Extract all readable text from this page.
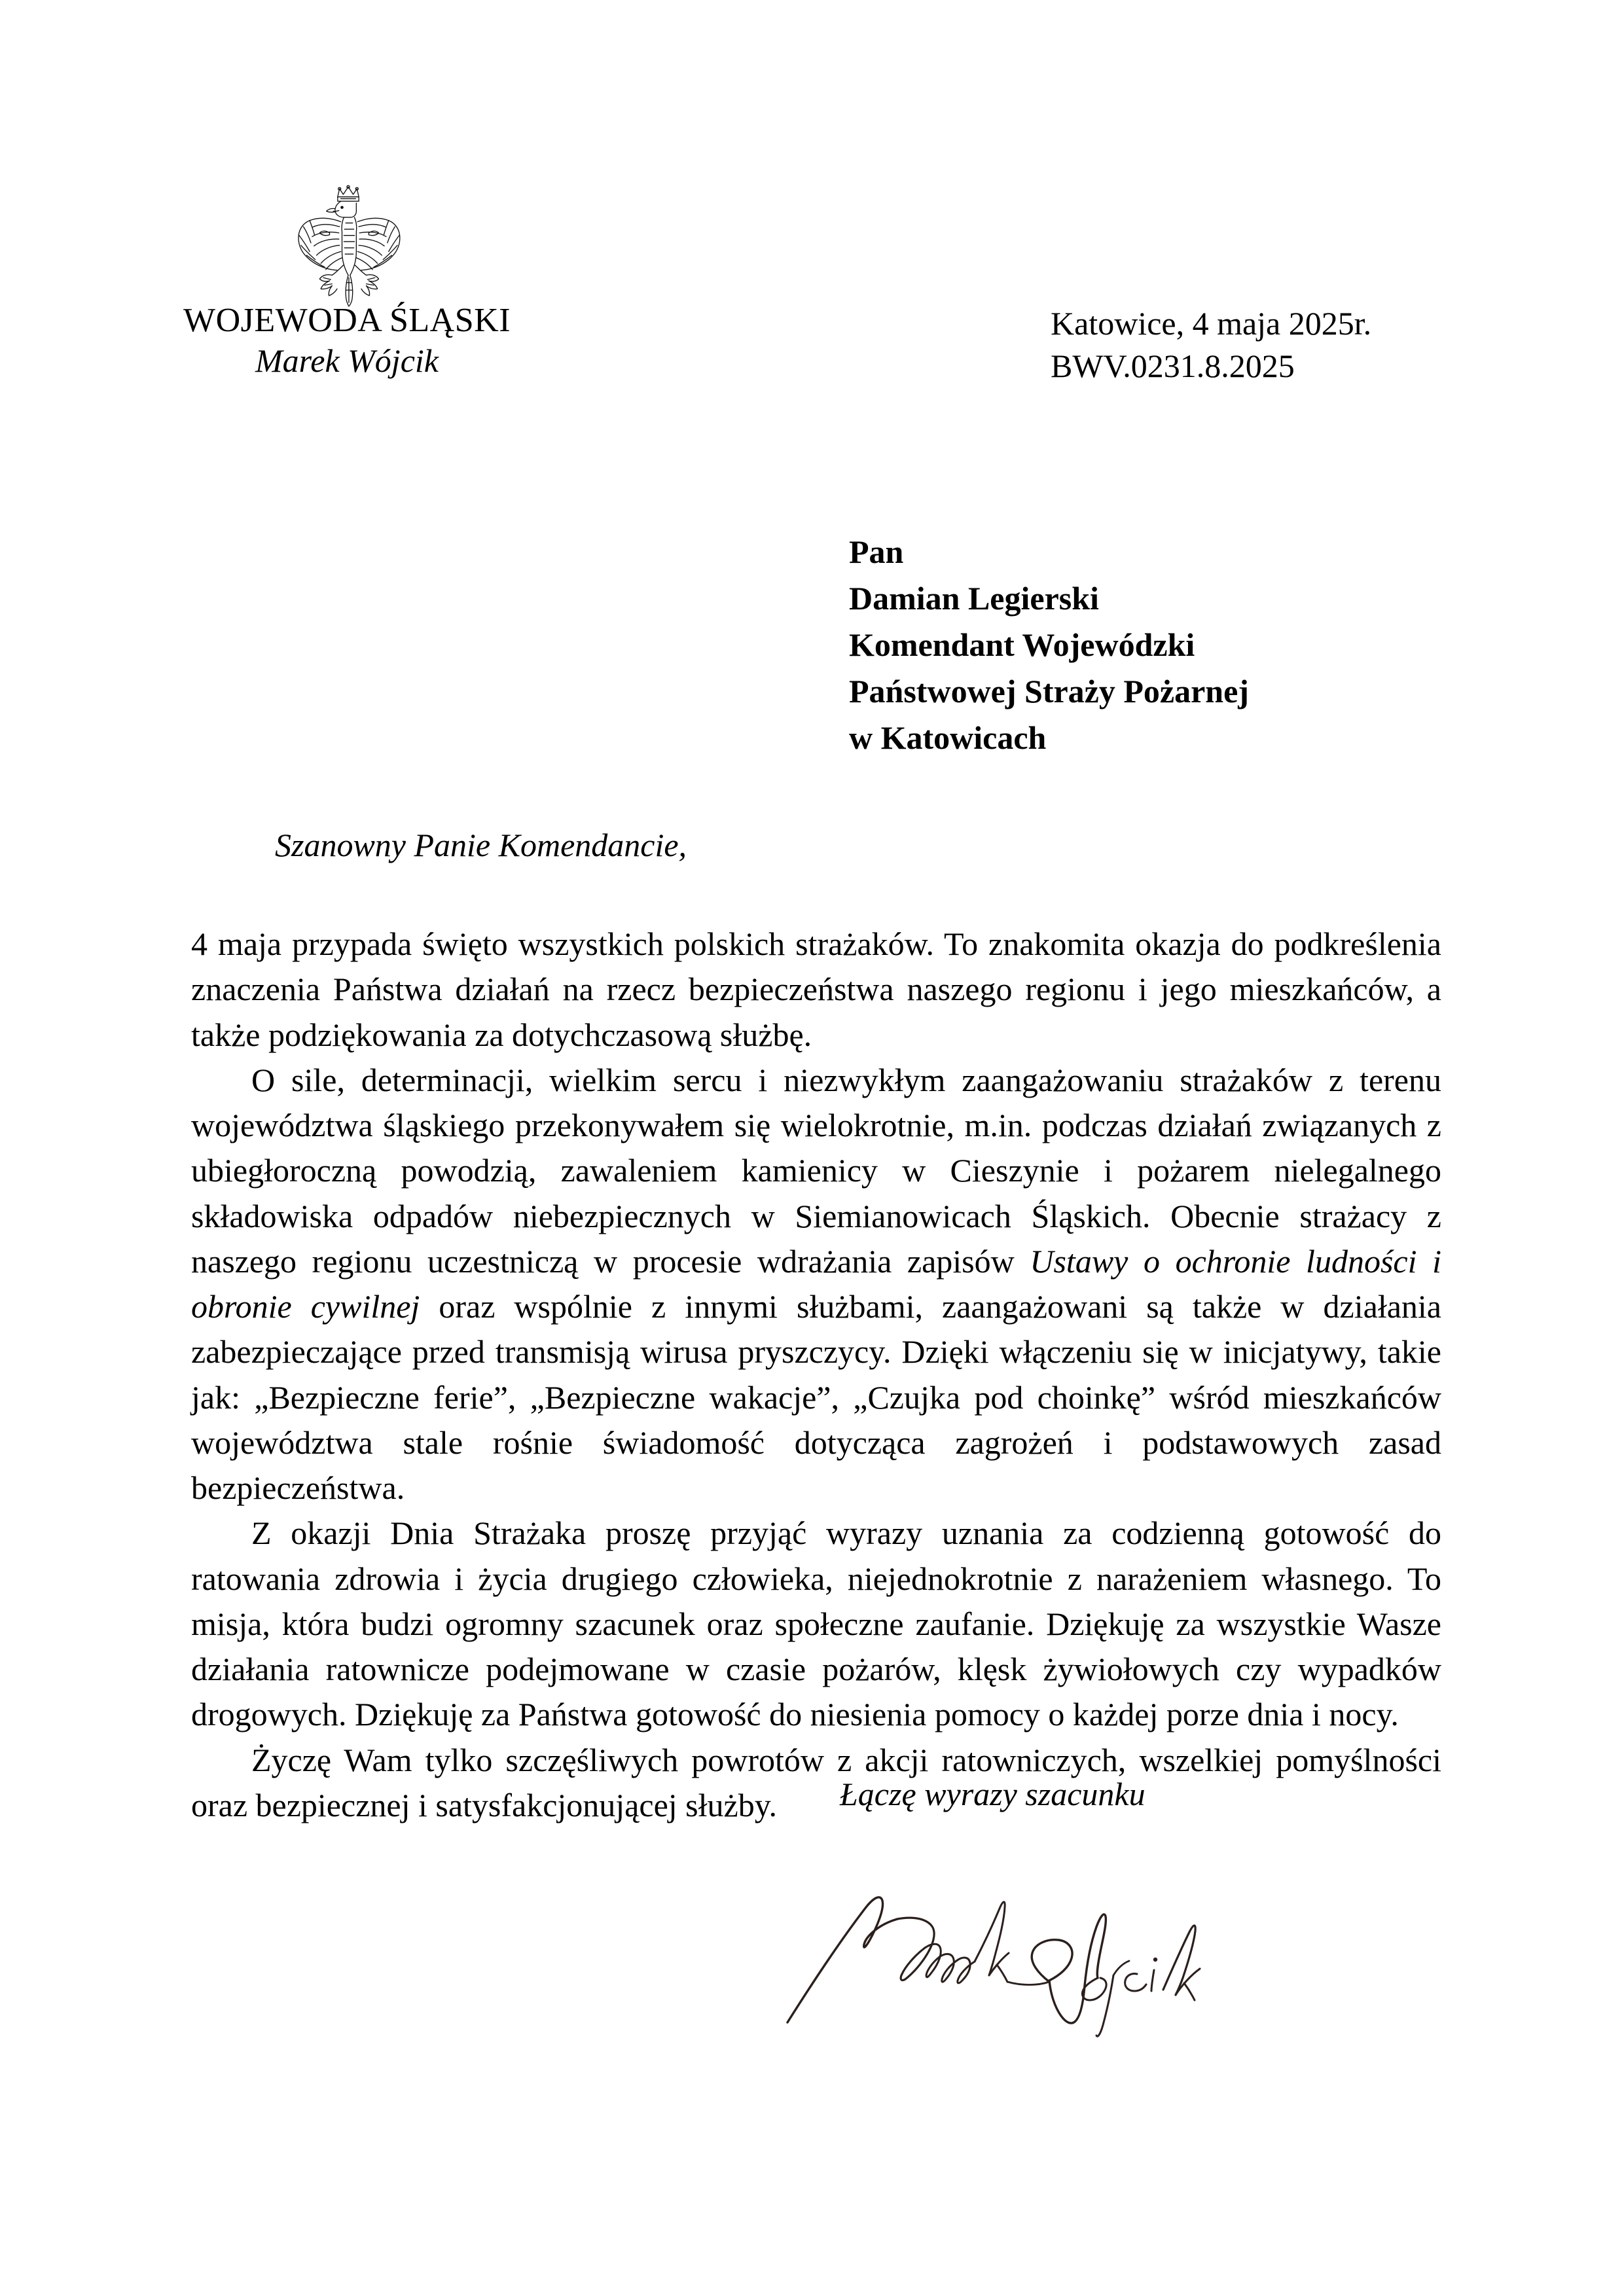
WOJEWODA ŚLĄSKI
Marek Wójcik
Katowice, 4 maja 2025r.
BWV.0231.8.2025
Pan
Damian Legierski
Komendant Wojewódzki
Państwowej Straży Pożarnej
w Katowicach
Szanowny Panie Komendancie,

4 maja przypada święto wszystkich polskich strażaków. To znakomita okazja do podkreślenia znaczenia Państwa działań na rzecz bezpieczeństwa naszego regionu i jego mieszkańców, a także podziękowania za dotychczasową służbę.

O sile, determinacji, wielkim sercu i niezwykłym zaangażowaniu strażaków z terenu województwa śląskiego przekonywałem się wielokrotnie, m.in. podczas działań związanych z ubiegłoroczną powodzią, zawaleniem kamienicy w Cieszynie i pożarem nielegalnego składowiska odpadów niebezpiecznych w Siemianowicach Śląskich. Obecnie strażacy z naszego regionu uczestniczą w procesie wdrażania zapisów Ustawy o ochronie ludności i obronie cywilnej oraz wspólnie z innymi służbami, zaangażowani są także w działania zabezpieczające przed transmisją wirusa pryszczycy. Dzięki włączeniu się w inicjatywy, takie jak: „Bezpieczne ferie”, „Bezpieczne wakacje”, „Czujka pod choinkę” wśród mieszkańców województwa stale rośnie świadomość dotycząca zagrożeń i podstawowych zasad bezpieczeństwa.

Z okazji Dnia Strażaka proszę przyjąć wyrazy uznania za codzienną gotowość do ratowania zdrowia i życia drugiego człowieka, niejednokrotnie z narażeniem własnego. To misja, która budzi ogromny szacunek oraz społeczne zaufanie. Dziękuję za wszystkie Wasze działania ratownicze podejmowane w czasie pożarów, klęsk żywiołowych czy wypadków drogowych. Dziękuję za Państwa gotowość do niesienia pomocy o każdej porze dnia i nocy.

Życzę Wam tylko szczęśliwych powrotów z akcji ratowniczych, wszelkiej pomyślności oraz bezpiecznej i satysfakcjonującej służby.	Łączę wyrazy szacunku
